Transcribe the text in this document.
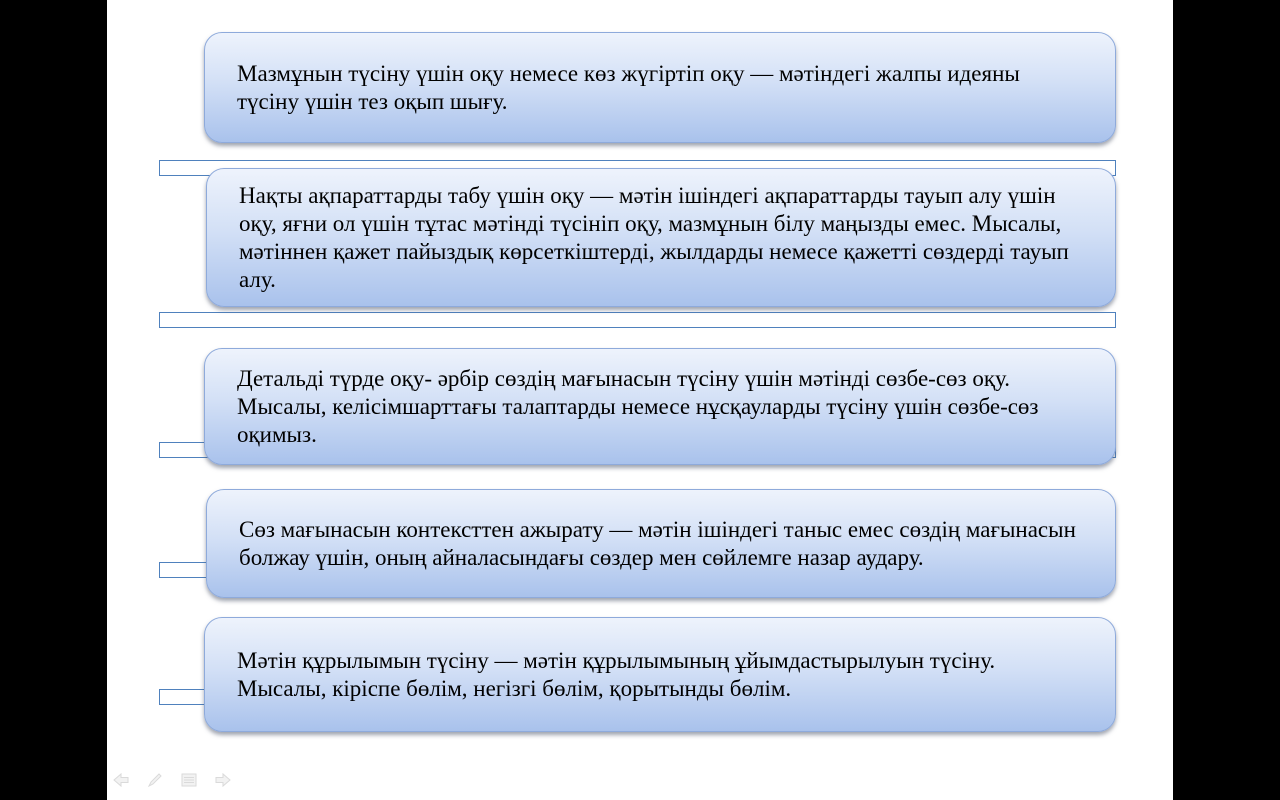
Мазмұнын түсіну үшін оқу немесе көз жүгіртіп оқу — мәтіндегі жалпы идеяны түсіну үшін тез оқып шығу.

Нақты ақпараттарды табу үшін оқу — мәтін ішіндегі ақпараттарды тауып алу үшін оқу, яғни ол үшін тұтас мәтінді түсініп оқу, мазмұнын білу маңызды емес. Мысалы, мәтіннен қажет пайыздық көрсеткіштерді, жылдарды немесе қажетті сөздерді тауып алу.

Детальді түрде оқу- әрбір сөздің мағынасын түсіну үшін мәтінді сөзбе-сөз оқу. Мысалы, келісімшарттағы талаптарды немесе нұсқауларды түсіну үшін сөзбе-сөз оқимыз.

Сөз мағынасын контексттен ажырату — мәтін ішіндегі таныс емес сөздің мағынасын болжау үшін, оның айналасындағы сөздер мен сөйлемге назар аудару.

Мәтін құрылымын түсіну — мәтін құрылымының ұйымдастырылуын түсіну. Мысалы, кіріспе бөлім, негізгі бөлім, қорытынды бөлім.
